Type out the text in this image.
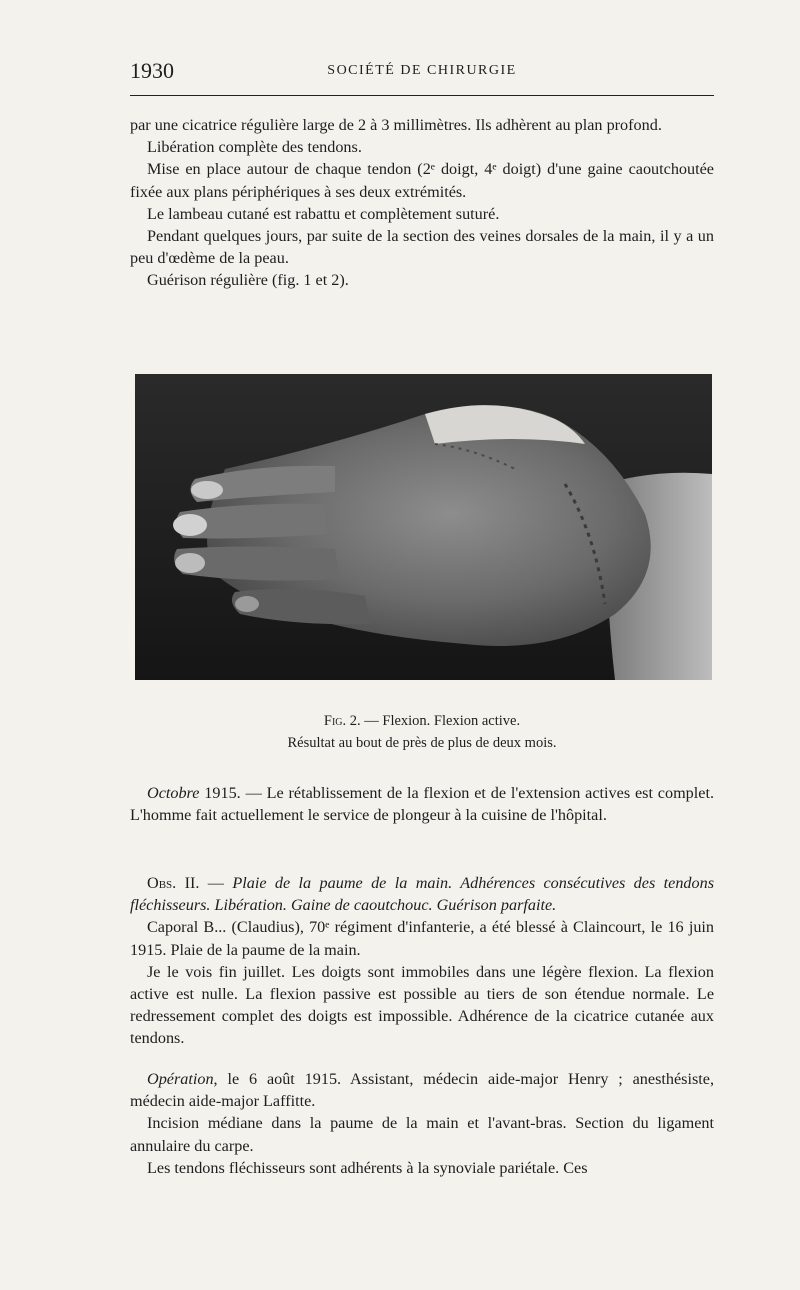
1930	SOCIÉTÉ DE CHIRURGIE

par une cicatrice régulière large de 2 à 3 millimètres. Ils adhèrent au plan profond.

Libération complète des tendons.

Mise en place autour de chaque tendon (2ᵉ doigt, 4ᵉ doigt) d'une gaine caoutchoutée fixée aux plans périphériques à ses deux extrémités.

Le lambeau cutané est rabattu et complètement suturé.

Pendant quelques jours, par suite de la section des veines dorsales de la main, il y a un peu d'œdème de la peau.

Guérison régulière (fig. 1 et 2).

Fig. 2. — Flexion. Flexion active.
Résultat au bout de près de plus de deux mois.

Octobre 1915. — Le rétablissement de la flexion et de l'extension actives est complet. L'homme fait actuellement le service de plongeur à la cuisine de l'hôpital.

Obs. II. — Plaie de la paume de la main. Adhérences consécutives des tendons fléchisseurs. Libération. Gaine de caoutchouc. Guérison parfaite.

Caporal B... (Claudius), 70ᵉ régiment d'infanterie, a été blessé à Claincourt, le 16 juin 1915. Plaie de la paume de la main.

Je le vois fin juillet. Les doigts sont immobiles dans une légère flexion. La flexion active est nulle. La flexion passive est possible au tiers de son étendue normale. Le redressement complet des doigts est impossible. Adhérence de la cicatrice cutanée aux tendons.

Opération, le 6 août 1915. Assistant, médecin aide-major Henry ; anesthésiste, médecin aide-major Laffitte.

Incision médiane dans la paume de la main et l'avant-bras. Section du ligament annulaire du carpe.

Les tendons fléchisseurs sont adhérents à la synoviale pariétale. Ces
